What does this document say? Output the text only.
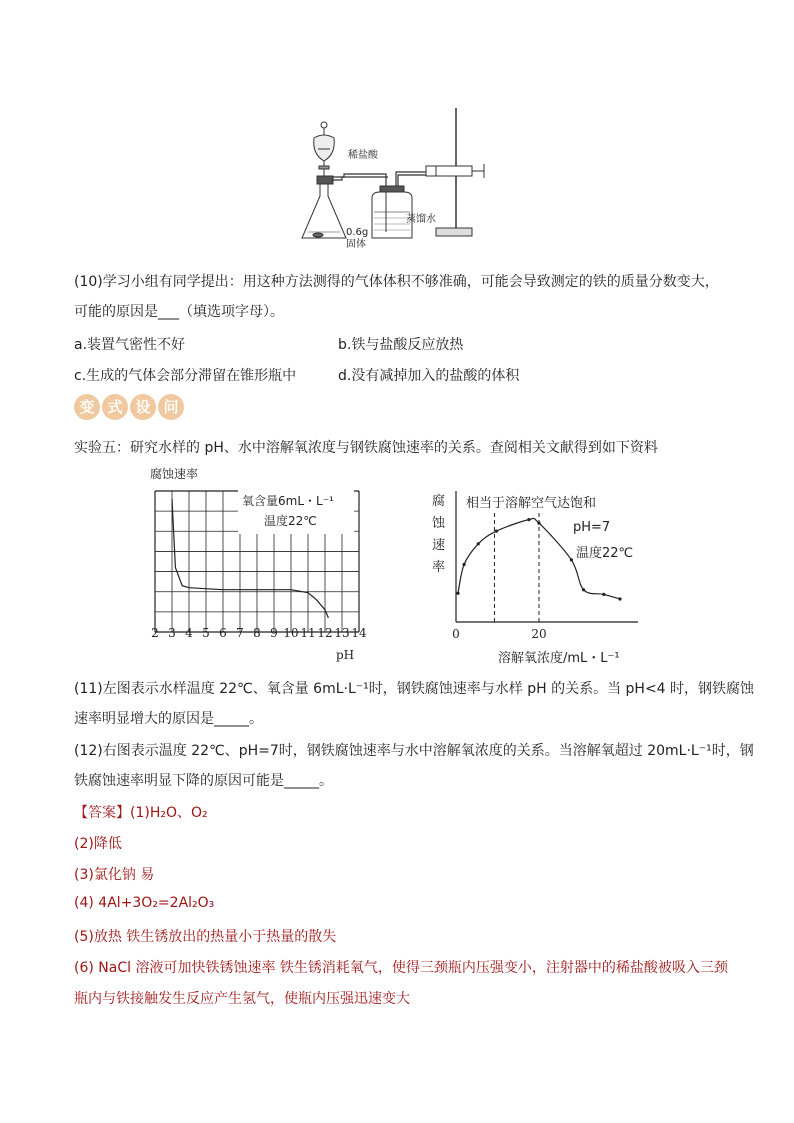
稀盐酸
蒸馏水
0.6g
固体
(10)学习小组有同学提出：用这种方法测得的气体体积不够准确，可能会导致测定的铁的质量分数变大，
可能的原因是___（填选项字母）。
a.装置气密性不好	b.铁与盐酸反应放热
c.生成的气体会部分滞留在锥形瓶中	d.没有减掉加入的盐酸的体积
变 式 设 问
实验五：研究水样的 pH、水中溶解氧浓度与钢铁腐蚀速率的关系。查阅相关文献得到如下资料
腐蚀速率
氧含量6mL・L⁻¹
温度22℃
2 3 4 5 6 7 8 9 10 11 12 13 14
pH
腐
蚀
速
率
相当于溶解空气达饱和
pH=7
温度22℃
0	20
溶解氧浓度/mL・L⁻¹
(11)左图表示水样温度 22℃、氧含量 6mL·L⁻¹时，钢铁腐蚀速率与水样 pH 的关系。当 pH<4 时，钢铁腐蚀
速率明显增大的原因是_____。
(12)右图表示温度 22℃、pH=7时，钢铁腐蚀速率与水中溶解氧浓度的关系。当溶解氧超过 20mL·L⁻¹时，钢
铁腐蚀速率明显下降的原因可能是_____。
【答案】(1)H₂O、O₂
(2)降低
(3)氯化钠 易
(4) 4Al+3O₂=2Al₂O₃
(5)放热 铁生锈放出的热量小于热量的散失
(6) NaCl 溶液可加快铁锈蚀速率 铁生锈消耗氧气，使得三颈瓶内压强变小，注射器中的稀盐酸被吸入三颈
瓶内与铁接触发生反应产生氢气，使瓶内压强迅速变大
